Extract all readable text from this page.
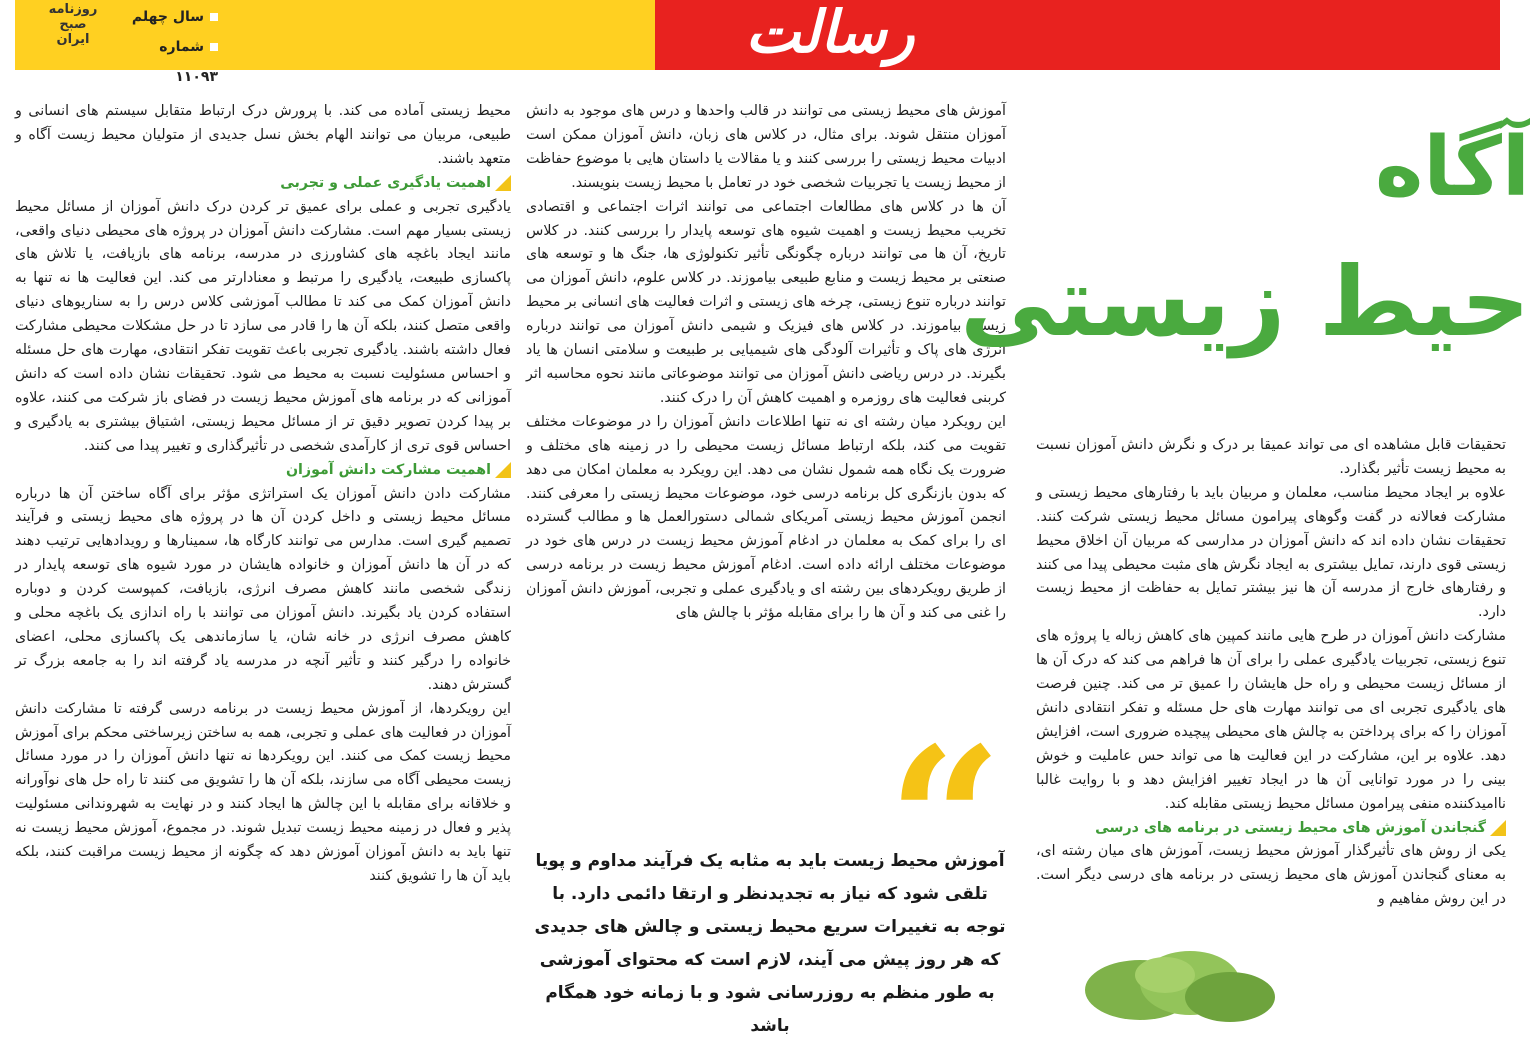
رسالت
روزنامه
صبح
ایران
سال چهلم
شماره ۱۱۰۹۳

محیط زیستی آماده می کند. با پرورش درک ارتباط متقابل سیستم های انسانی و طبیعی، مربیان می توانند الهام بخش نسل جدیدی از متولیان محیط زیست آگاه و متعهد باشند.

اهمیت یادگیری عملی و تجربی

یادگیری تجربی و عملی برای عمیق تر کردن درک دانش آموزان از مسائل محیط زیستی بسیار مهم است. مشارکت دانش آموزان در پروژه های محیطی دنیای واقعی، مانند ایجاد باغچه های کشاورزی در مدرسه، برنامه های بازیافت، یا تلاش های پاکسازی طبیعت، یادگیری را مرتبط و معنادارتر می کند. این فعالیت ها نه تنها به دانش آموزان کمک می کند تا مطالب آموزشی کلاس درس را به سناریوهای دنیای واقعی متصل کنند، بلکه آن ها را قادر می سازد تا در حل مشکلات محیطی مشارکت فعال داشته باشند. یادگیری تجربی باعث تقویت تفکر انتقادی، مهارت های حل مسئله و احساس مسئولیت نسبت به محیط می شود. تحقیقات نشان داده است که دانش آموزانی که در برنامه های آموزش محیط زیست در فضای باز شرکت می کنند، علاوه بر پیدا کردن تصویر دقیق تر از مسائل محیط زیستی، اشتیاق بیشتری به یادگیری و احساس قوی تری از کارآمدی شخصی در تأثیرگذاری و تغییر پیدا می کنند.

اهمیت مشارکت دانش آموزان

مشارکت دادن دانش آموزان یک استراتژی مؤثر برای آگاه ساختن آن ها درباره مسائل محیط زیستی و داخل کردن آن ها در پروژه های محیط زیستی و فرآیند تصمیم گیری است. مدارس می توانند کارگاه ها، سمینارها و رویدادهایی ترتیب دهند که در آن ها دانش آموزان و خانواده هایشان در مورد شیوه های توسعه پایدار در زندگی شخصی مانند کاهش مصرف انرژی، بازیافت، کمپوست کردن و دوباره استفاده کردن یاد بگیرند. دانش آموزان می توانند با راه اندازی یک باغچه محلی و کاهش مصرف انرژی در خانه شان، یا سازماندهی یک پاکسازی محلی، اعضای خانواده را درگیر کنند و تأثیر آنچه در مدرسه یاد گرفته اند را به جامعه بزرگ تر گسترش دهند.

این رویکردها، از آموزش محیط زیست در برنامه درسی گرفته تا مشارکت دانش آموزان در فعالیت های عملی و تجربی، همه به ساختن زیرساختی محکم برای آموزش محیط زیست کمک می کنند. این رویکردها نه تنها دانش آموزان را در مورد مسائل زیست محیطی آگاه می سازند، بلکه آن ها را تشویق می کنند تا راه حل های نوآورانه و خلاقانه برای مقابله با این چالش ها ایجاد کنند و در نهایت به شهروندانی مسئولیت پذیر و فعال در زمینه محیط زیست تبدیل شوند. در مجموع، آموزش محیط زیست نه تنها باید به دانش آموزان آموزش دهد که چگونه از محیط زیست مراقبت کنند، بلکه باید آن ها را تشویق کنند

آموزش های محیط زیستی می توانند در قالب واحدها و درس های موجود به دانش آموزان منتقل شوند. برای مثال، در کلاس های زبان، دانش آموزان ممکن است ادبیات محیط زیستی را بررسی کنند و یا مقالات یا داستان هایی با موضوع حفاظت از محیط زیست یا تجربیات شخصی خود در تعامل با محیط زیست بنویسند.

آن ها در کلاس های مطالعات اجتماعی می توانند اثرات اجتماعی و اقتصادی تخریب محیط زیست و اهمیت شیوه های توسعه پایدار را بررسی کنند. در کلاس تاریخ، آن ها می توانند درباره چگونگی تأثیر تکنولوژی ها، جنگ ها و توسعه های صنعتی بر محیط زیست و منابع طبیعی بیاموزند. در کلاس علوم، دانش آموزان می توانند درباره تنوع زیستی، چرخه های زیستی و اثرات فعالیت های انسانی بر محیط زیست بیاموزند. در کلاس های فیزیک و شیمی دانش آموزان می توانند درباره انرژی های پاک و تأثیرات آلودگی های شیمیایی بر طبیعت و سلامتی انسان ها یاد بگیرند. در درس ریاضی دانش آموزان می توانند موضوعاتی مانند نحوه محاسبه اثر کربنی فعالیت های روزمره و اهمیت کاهش آن را درک کنند.

این رویکرد میان رشته ای نه تنها اطلاعات دانش آموزان را در موضوعات مختلف تقویت می کند، بلکه ارتباط مسائل زیست محیطی را در زمینه های مختلف و ضرورت یک نگاه همه شمول نشان می دهد. این رویکرد به معلمان امکان می دهد که بدون بازنگری کل برنامه درسی خود، موضوعات محیط زیستی را معرفی کنند. انجمن آموزش محیط زیستی آمریکای شمالی دستورالعمل ها و مطالب گسترده ای را برای کمک به معلمان در ادغام آموزش محیط زیست در درس های خود در موضوعات مختلف ارائه داده است. ادغام آموزش محیط زیست در برنامه درسی از طریق رویکردهای بین رشته ای و یادگیری عملی و تجربی، آموزش دانش آموزان را غنی می کند و آن ها را برای مقابله مؤثر با چالش های

“
آموزش محیط زیست باید به مثابه یک فرآیند مداوم و پویا تلقی شود که نیاز به تجدیدنظر و ارتقا دائمی دارد. با توجه به تغییرات سریع محیط زیستی و چالش های جدیدی که هر روز پیش می آیند، لازم است که محتوای آموزشی به طور منظم به روزرسانی شود و با زمانه خود همگام باشد
آگاه
حیط زیستی

تحقیقات قابل مشاهده ای می تواند عمیقا بر درک و نگرش دانش آموزان نسبت به محیط زیست تأثیر بگذارد.

علاوه بر ایجاد محیط مناسب، معلمان و مربیان باید با رفتارهای محیط زیستی و مشارکت فعالانه در گفت وگوهای پیرامون مسائل محیط زیستی شرکت کنند. تحقیقات نشان داده اند که دانش آموزان در مدارسی که مربیان آن اخلاق محیط زیستی قوی دارند، تمایل بیشتری به ایجاد نگرش های مثبت محیطی پیدا می کنند و رفتارهای خارج از مدرسه آن ها نیز بیشتر تمایل به حفاظت از محیط زیست دارد.

مشارکت دانش آموزان در طرح هایی مانند کمپین های کاهش زباله یا پروژه های تنوع زیستی، تجربیات یادگیری عملی را برای آن ها فراهم می کند که درک آن ها از مسائل زیست محیطی و راه حل هایشان را عمیق تر می کند. چنین فرصت های یادگیری تجربی ای می توانند مهارت های حل مسئله و تفکر انتقادی دانش آموزان را که برای پرداختن به چالش های محیطی پیچیده ضروری است، افزایش دهد. علاوه بر این، مشارکت در این فعالیت ها می تواند حس عاملیت و خوش بینی را در مورد توانایی آن ها در ایجاد تغییر افزایش دهد و با روایت غالبا ناامیدکننده منفی پیرامون مسائل محیط زیستی مقابله کند.

گنجاندن آموزش های محیط زیستی در برنامه های درسی

یکی از روش های تأثیرگذار آموزش محیط زیست، آموزش های میان رشته ای، به معنای گنجاندن آموزش های محیط زیستی در برنامه های درسی دیگر است. در این روش مفاهیم و
